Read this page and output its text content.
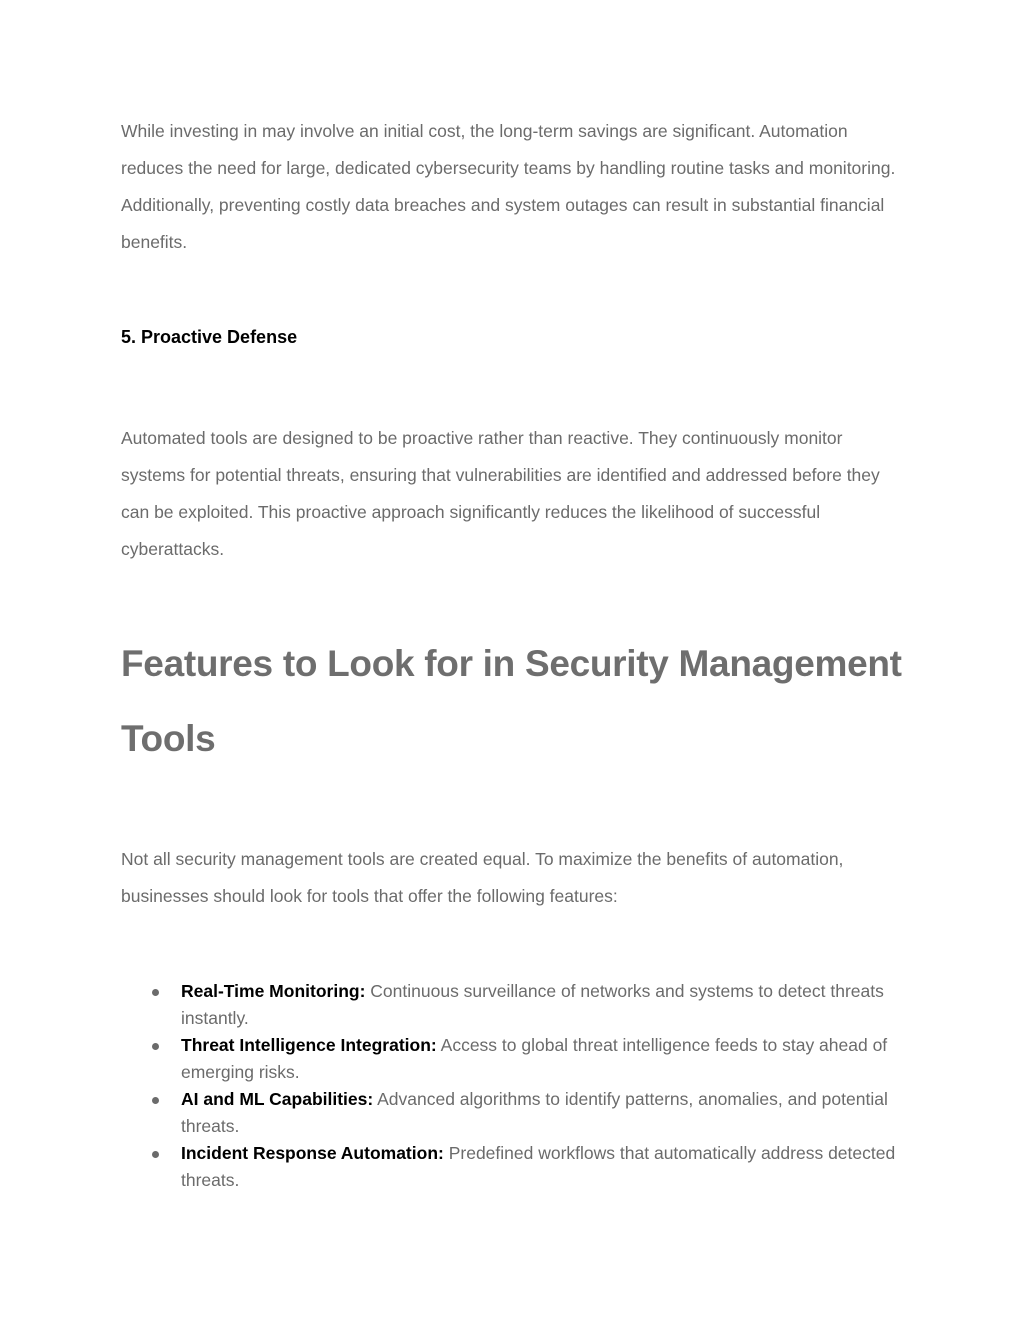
While investing in may involve an initial cost, the long-term savings are significant. Automation reduces the need for large, dedicated cybersecurity teams by handling routine tasks and monitoring. Additionally, preventing costly data breaches and system outages can result in substantial financial benefits.

5. Proactive Defense

Automated tools are designed to be proactive rather than reactive. They continuously monitor systems for potential threats, ensuring that vulnerabilities are identified and addressed before they can be exploited. This proactive approach significantly reduces the likelihood of successful cyberattacks.

Features to Look for in Security Management Tools

Not all security management tools are created equal. To maximize the benefits of automation, businesses should look for tools that offer the following features:

Real-Time Monitoring: Continuous surveillance of networks and systems to detect threats instantly.
Threat Intelligence Integration: Access to global threat intelligence feeds to stay ahead of emerging risks.
AI and ML Capabilities: Advanced algorithms to identify patterns, anomalies, and potential threats.
Incident Response Automation: Predefined workflows that automatically address detected threats.
